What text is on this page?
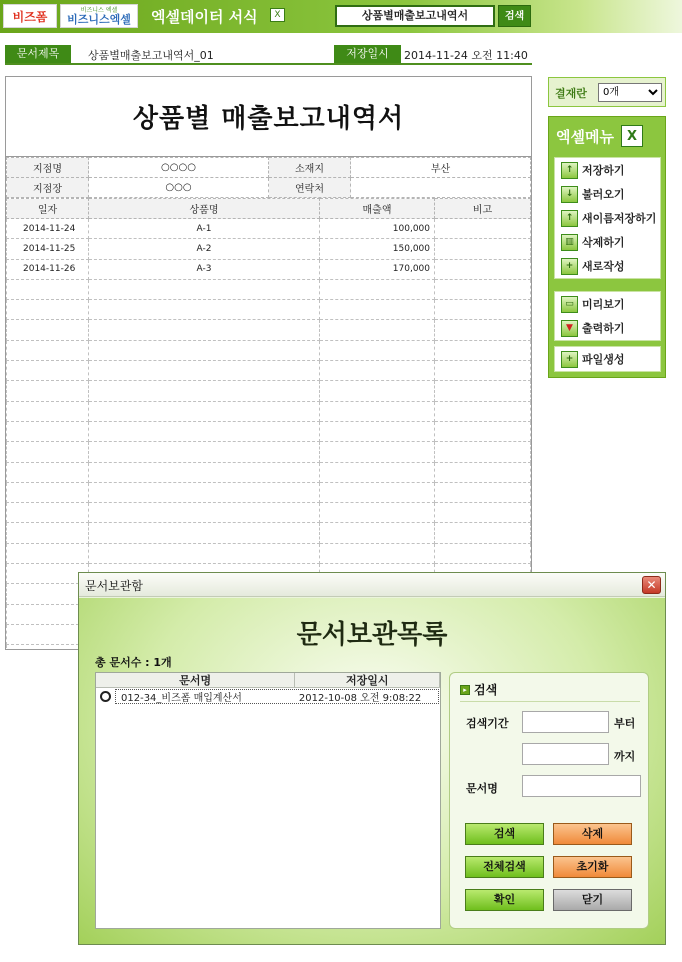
비즈폼	비즈니스 엑셀
비즈니스엑셀 엑셀데이터 서식	X	상품별매출보고내역서	검색
문서제목	상품별매출보고내역서_01	저장일시	2014-11-24 오전 11:40
상품별 매출보고내역서
지점명	○○○○	소재지	부산
지점장	○○○	연락처	
일자	상품명	매출액	비고
2014-11-24	A-1	100,000	
2014-11-25	A-2	150,000	
2014-11-26	A-3	170,000	

결재란
0개
엑셀메뉴 X
↑ 저장하기
↓ 불러오기
↑ 새이름저장하기
▥ 삭제하기
+ 새로작성
▭ 미리보기
▼ 출력하기
+ 파일생성
문서보관함	✕
문서보관목록
총 문서수 : 1개
문서명	저장일시
012-34_비즈폼 매입계산서	2012-10-08 오전 9:08:22
▸ 검색
검색기간	부터
까지
문서명
검색	삭제
전체검색	초기화
확인	닫기
